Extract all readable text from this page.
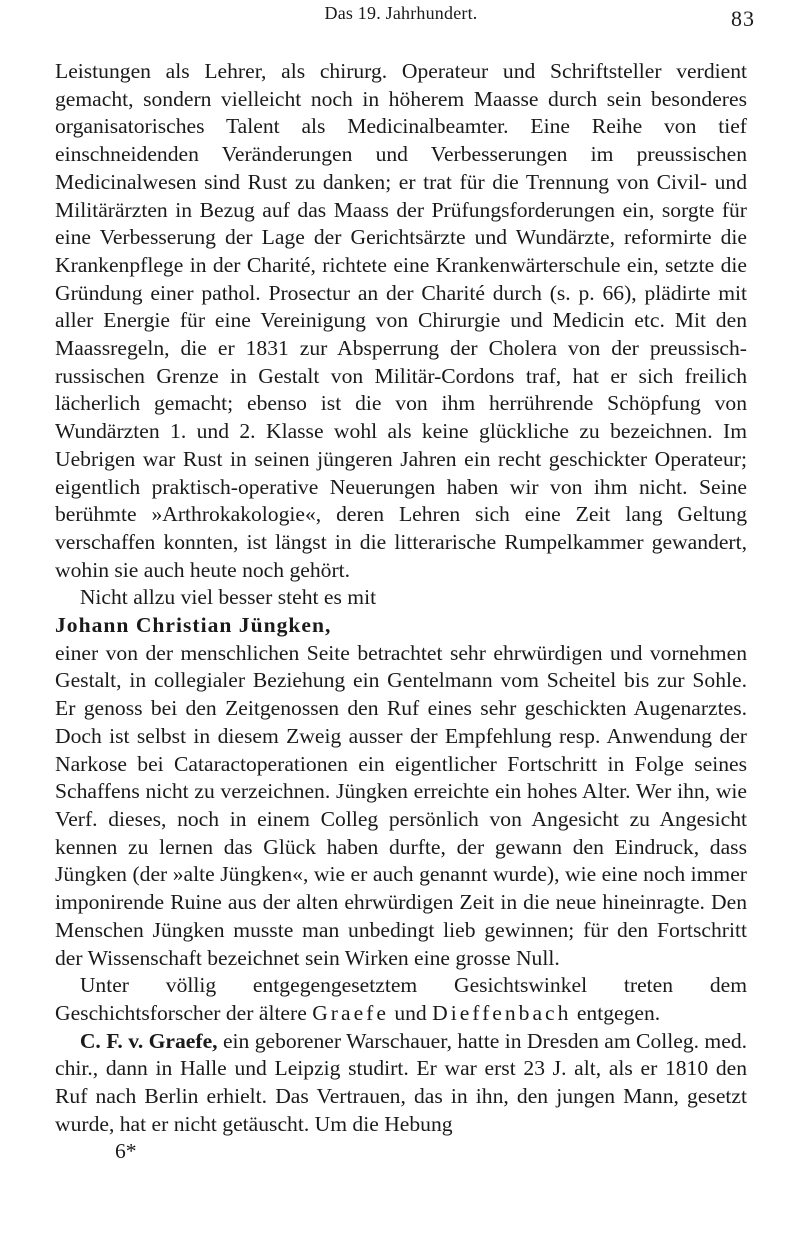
Das 19. Jahrhundert.	83

Leistungen als Lehrer, als chirurg. Operateur und Schriftsteller verdient gemacht, sondern vielleicht noch in höherem Maasse durch sein besonderes organisatorisches Talent als Medicinalbeamter. Eine Reihe von tief einschneidenden Veränderungen und Verbesserungen im preussischen Medicinalwesen sind Rust zu danken; er trat für die Trennung von Civil- und Militärärzten in Bezug auf das Maass der Prüfungsforderungen ein, sorgte für eine Verbesserung der Lage der Gerichtsärzte und Wundärzte, reformirte die Krankenpflege in der Charité, richtete eine Krankenwärterschule ein, setzte die Gründung einer pathol. Prosectur an der Charité durch (s. p. 66), plädirte mit aller Energie für eine Vereinigung von Chirurgie und Medicin etc. Mit den Maassregeln, die er 1831 zur Absperrung der Cholera von der preussisch-russischen Grenze in Gestalt von Militär-Cordons traf, hat er sich freilich lächerlich gemacht; ebenso ist die von ihm herrührende Schöpfung von Wundärzten 1. und 2. Klasse wohl als keine glückliche zu bezeichnen. Im Uebrigen war Rust in seinen jüngeren Jahren ein recht geschickter Operateur; eigentlich praktisch-operative Neuerungen haben wir von ihm nicht. Seine berühmte »Arthrokakologie«, deren Lehren sich eine Zeit lang Geltung verschaffen konnten, ist längst in die litterarische Rumpelkammer gewandert, wohin sie auch heute noch gehört.

Nicht allzu viel besser steht es mit

Johann Christian Jüngken,

einer von der menschlichen Seite betrachtet sehr ehrwürdigen und vornehmen Gestalt, in collegialer Beziehung ein Gentelmann vom Scheitel bis zur Sohle. Er genoss bei den Zeitgenossen den Ruf eines sehr geschickten Augenarztes. Doch ist selbst in diesem Zweig ausser der Empfehlung resp. Anwendung der Narkose bei Cataractoperationen ein eigentlicher Fortschritt in Folge seines Schaffens nicht zu verzeichnen. Jüngken erreichte ein hohes Alter. Wer ihn, wie Verf. dieses, noch in einem Colleg persönlich von Angesicht zu Angesicht kennen zu lernen das Glück haben durfte, der gewann den Eindruck, dass Jüngken (der »alte Jüngken«, wie er auch genannt wurde), wie eine noch immer imponirende Ruine aus der alten ehrwürdigen Zeit in die neue hineinragte. Den Menschen Jüngken musste man unbedingt lieb gewinnen; für den Fortschritt der Wissenschaft bezeichnet sein Wirken eine grosse Null.

Unter völlig entgegengesetztem Gesichtswinkel treten dem Geschichtsforscher der ältere Graefe und Dieffenbach entgegen.

C. F. v. Graefe, ein geborener Warschauer, hatte in Dresden am Colleg. med. chir., dann in Halle und Leipzig studirt. Er war erst 23 J. alt, als er 1810 den Ruf nach Berlin erhielt. Das Vertrauen, das in ihn, den jungen Mann, gesetzt wurde, hat er nicht getäuscht. Um die Hebung

6*
